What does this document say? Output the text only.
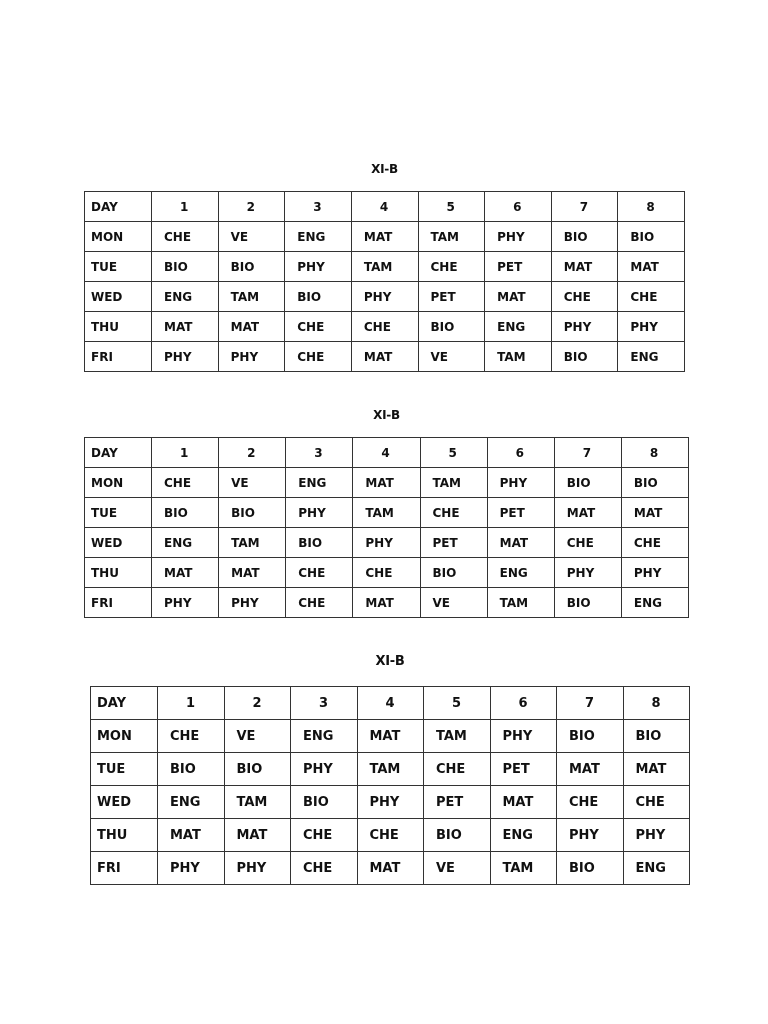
XI-B
DAY	1	2	3	4	5	6	7	8
MON	CHE	VE	ENG	MAT	TAM	PHY	BIO	BIO
TUE	BIO	BIO	PHY	TAM	CHE	PET	MAT	MAT
WED	ENG	TAM	BIO	PHY	PET	MAT	CHE	CHE
THU	MAT	MAT	CHE	CHE	BIO	ENG	PHY	PHY
FRI	PHY	PHY	CHE	MAT	VE	TAM	BIO	ENG
XI-B
DAY	1	2	3	4	5	6	7	8
MON	CHE	VE	ENG	MAT	TAM	PHY	BIO	BIO
TUE	BIO	BIO	PHY	TAM	CHE	PET	MAT	MAT
WED	ENG	TAM	BIO	PHY	PET	MAT	CHE	CHE
THU	MAT	MAT	CHE	CHE	BIO	ENG	PHY	PHY
FRI	PHY	PHY	CHE	MAT	VE	TAM	BIO	ENG
XI-B
DAY	1	2	3	4	5	6	7	8
MON	CHE	VE	ENG	MAT	TAM	PHY	BIO	BIO
TUE	BIO	BIO	PHY	TAM	CHE	PET	MAT	MAT
WED	ENG	TAM	BIO	PHY	PET	MAT	CHE	CHE
THU	MAT	MAT	CHE	CHE	BIO	ENG	PHY	PHY
FRI	PHY	PHY	CHE	MAT	VE	TAM	BIO	ENG
